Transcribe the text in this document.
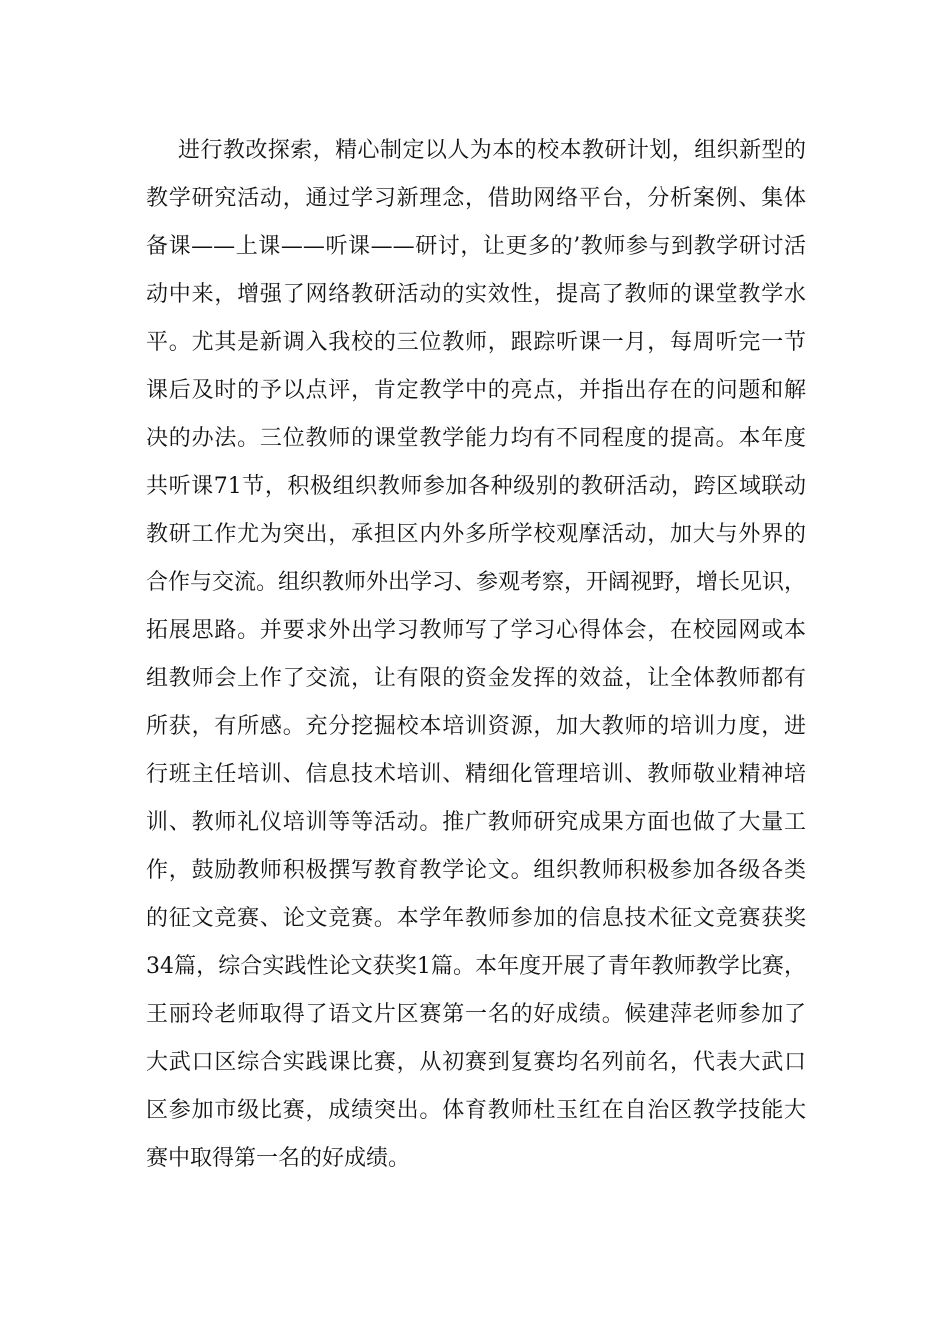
进行教改探索，精心制定以人为本的校本教研计划，组织新型的
教学研究活动，通过学习新理念，借助网络平台，分析案例、集体
备课——上课——听课——研讨，让更多的’教师参与到教学研讨活
动中来，增强了网络教研活动的实效性，提高了教师的课堂教学水
平。尤其是新调入我校的三位教师，跟踪听课一月，每周听完一节
课后及时的予以点评，肯定教学中的亮点，并指出存在的问题和解
决的办法。三位教师的课堂教学能力均有不同程度的提高。本年度
共听课71节，积极组织教师参加各种级别的教研活动，跨区域联动
教研工作尤为突出，承担区内外多所学校观摩活动，加大与外界的
合作与交流。组织教师外出学习、参观考察，开阔视野，增长见识，
拓展思路。并要求外出学习教师写了学习心得体会，在校园网或本
组教师会上作了交流，让有限的资金发挥的效益，让全体教师都有
所获，有所感。充分挖掘校本培训资源，加大教师的培训力度，进
行班主任培训、信息技术培训、精细化管理培训、教师敬业精神培
训、教师礼仪培训等等活动。推广教师研究成果方面也做了大量工
作，鼓励教师积极撰写教育教学论文。组织教师积极参加各级各类
的征文竞赛、论文竞赛。本学年教师参加的信息技术征文竞赛获奖
34篇，综合实践性论文获奖1篇。本年度开展了青年教师教学比赛，
王丽玲老师取得了语文片区赛第一名的好成绩。候建萍老师参加了
大武口区综合实践课比赛，从初赛到复赛均名列前名，代表大武口
区参加市级比赛，成绩突出。体育教师杜玉红在自治区教学技能大
赛中取得第一名的好成绩。
